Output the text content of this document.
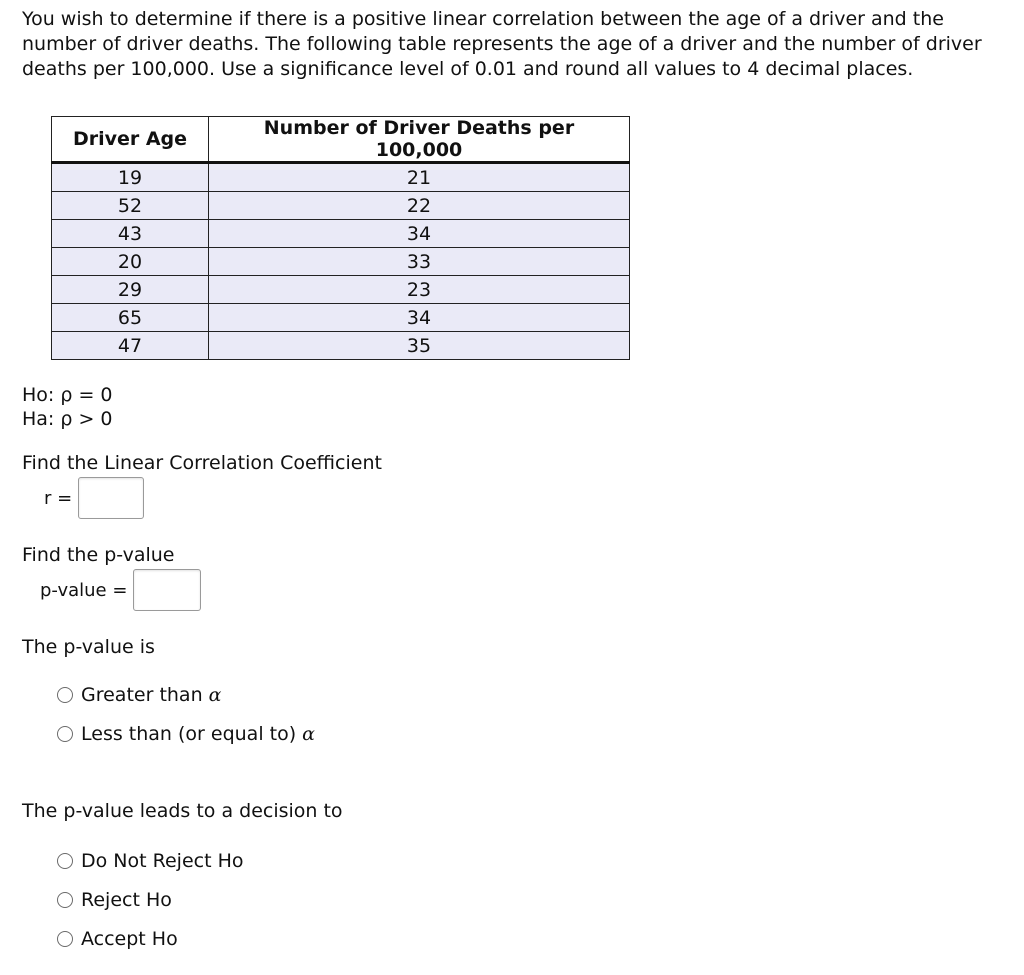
You wish to determine if there is a positive linear correlation between the age of a driver and the number of driver deaths. The following table represents the age of a driver and the number of driver deaths per 100,000. Use a significance level of 0.01 and round all values to 4 decimal places.
Driver Age	Number of Driver Deaths per 100,000
19	21
52	22
43	34
20	33
29	23
65	34
47	35
Ho: ρ = 0
Ha: ρ > 0
Find the Linear Correlation Coefficient
r =
Find the p-value
p-value =
The p-value is
Greater than α
Less than (or equal to) α
The p-value leads to a decision to
Do Not Reject Ho
Reject Ho
Accept Ho
